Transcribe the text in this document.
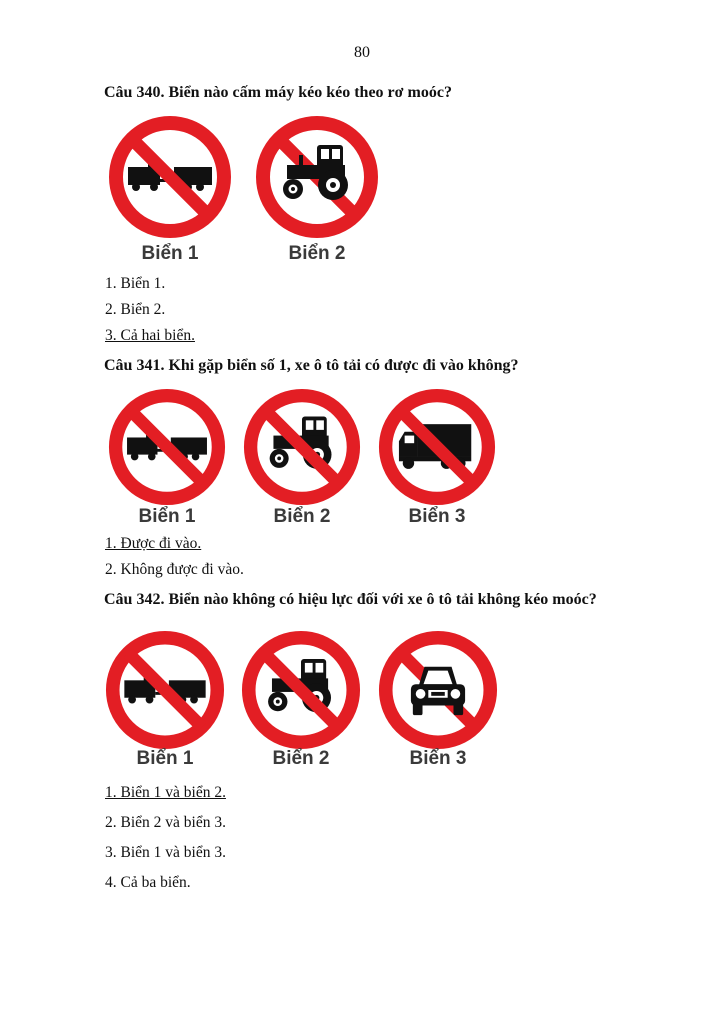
80
Câu 340. Biển nào cấm máy kéo kéo theo rơ moóc?
Biển 1	Biển 2
1. Biển 1.
2. Biển 2.
3. Cả hai biển.
Câu 341. Khi gặp biển số 1, xe ô tô tải có được đi vào không?
Biển 1	Biển 2	Biển 3
1. Được đi vào.
2. Không được đi vào.
Câu 342. Biển nào không có hiệu lực đối với xe ô tô tải không kéo moóc?
Biển 1	Biển 2	Biển 3
1. Biển 1 và biển 2.
2. Biển 2 và biển 3.
3. Biển 1 và biển 3.
4. Cả ba biển.
